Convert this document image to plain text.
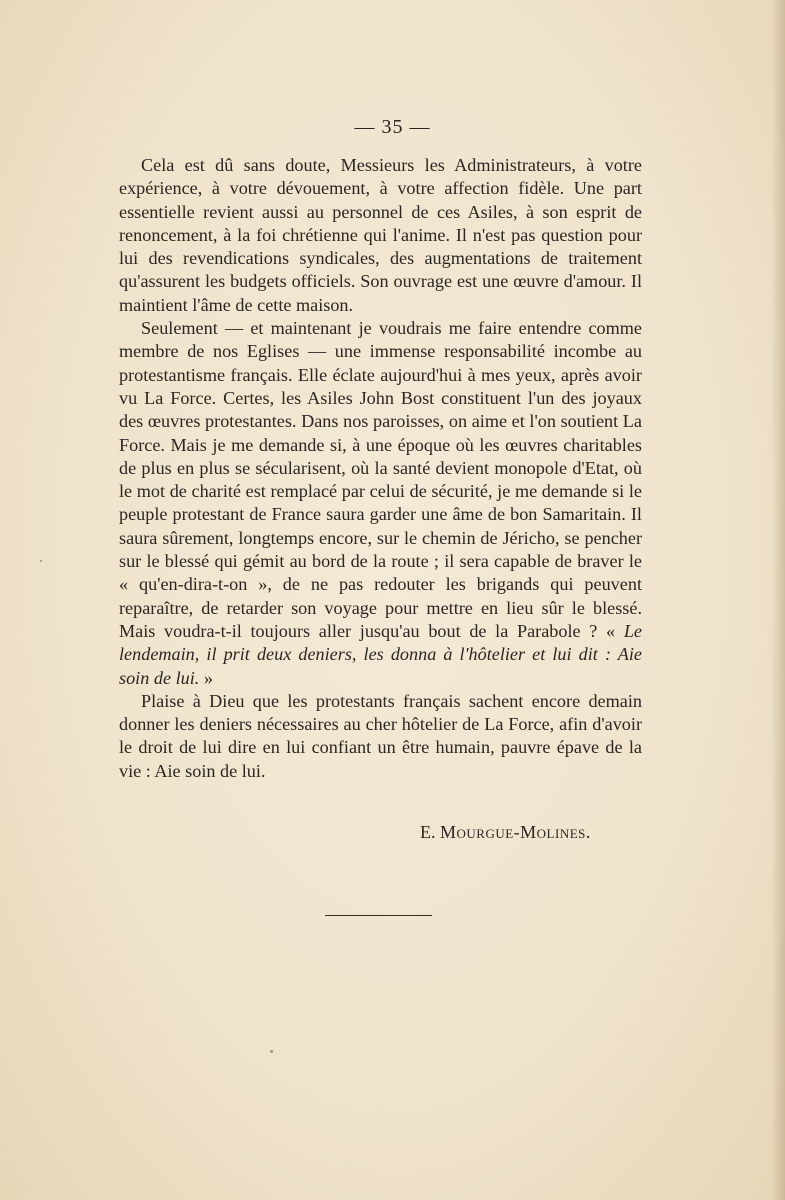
— 35 —

Cela est dû sans doute, Messieurs les Administrateurs, à votre expérience, à votre dévouement, à votre affection fidèle. Une part essentielle revient aussi au personnel de ces Asiles, à son esprit de renoncement, à la foi chrétienne qui l'anime. Il n'est pas question pour lui des revendications syndicales, des augmentations de traitement qu'assurent les budgets officiels. Son ouvrage est une œuvre d'amour. Il maintient l'âme de cette maison.

Seulement — et maintenant je voudrais me faire entendre comme membre de nos Eglises — une immense responsabilité incombe au protestantisme français. Elle éclate aujourd'hui à mes yeux, après avoir vu La Force. Certes, les Asiles John Bost constituent l'un des joyaux des œuvres protestantes. Dans nos paroisses, on aime et l'on soutient La Force. Mais je me demande si, à une époque où les œuvres charitables de plus en plus se sécularisent, où la santé devient monopole d'Etat, où le mot de charité est remplacé par celui de sécurité, je me demande si le peuple protestant de France saura garder une âme de bon Samaritain. Il saura sûrement, longtemps encore, sur le chemin de Jéricho, se pencher sur le blessé qui gémit au bord de la route ; il sera capable de braver le « qu'en-dira-t-on », de ne pas redouter les brigands qui peuvent reparaître, de retarder son voyage pour mettre en lieu sûr le blessé. Mais voudra-t-il toujours aller jusqu'au bout de la Parabole ? « Le lendemain, il prit deux deniers, les donna à l'hôtelier et lui dit : Aie soin de lui. »

Plaise à Dieu que les protestants français sachent encore demain donner les deniers nécessaires au cher hôtelier de La Force, afin d'avoir le droit de lui dire en lui confiant un être humain, pauvre épave de la vie : Aie soin de lui.

E. Mourgue-Molines.
